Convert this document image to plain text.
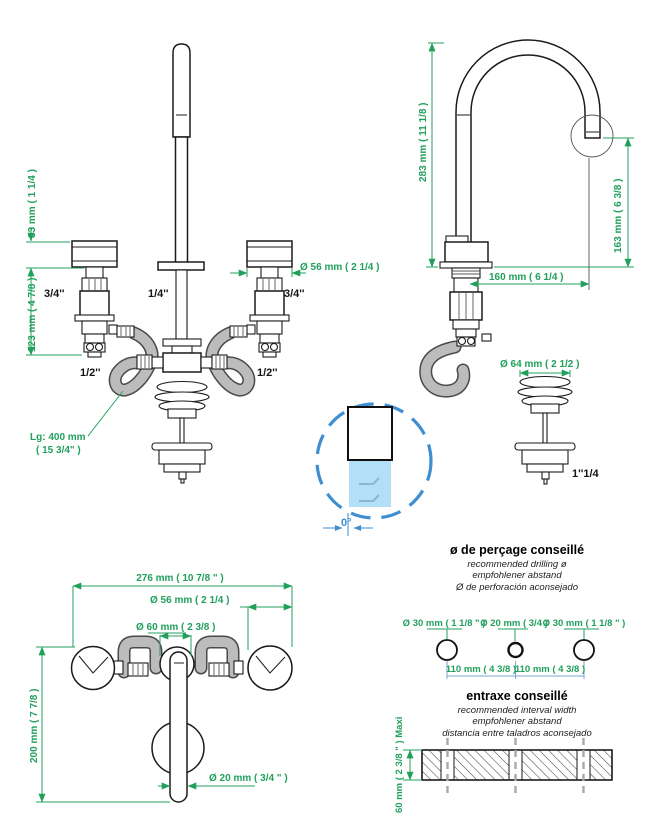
33 mm ( 1 1/4 )
123 mm ( 4 7/8 )
Ø 56 mm ( 2 1/4 )
Lg: 400 mm
( 15 3/4" )
3/4''	1/4''	3/4''
1/2''	1/2''
283 mm ( 11 1/8 )
163 mm ( 6 3/8 )
160 mm ( 6 1/4 )
Ø 64 mm ( 2 1/2 )
1''1/4
0°
276 mm ( 10 7/8 " )
Ø 56 mm ( 2 1/4 )
Ø 60 mm ( 2 3/8 )
200 mm ( 7 7/8 )
Ø 20 mm ( 3/4 " )
ø de perçage conseillé
recommended drilling ø
empfohlener abstand
Ø de perforación aconsejado
Ø 30 mm ( 1 1/8 " )
Ø 20 mm ( 3/4 )
Ø 30 mm ( 1 1/8 " )
110 mm ( 4 3/8 )
110 mm ( 4 3/8 )
entraxe conseillé
recommended interval width
empfohlener abstand
distancia entre taladros aconsejado
60 mm ( 2 3/8 " ) Maxi
